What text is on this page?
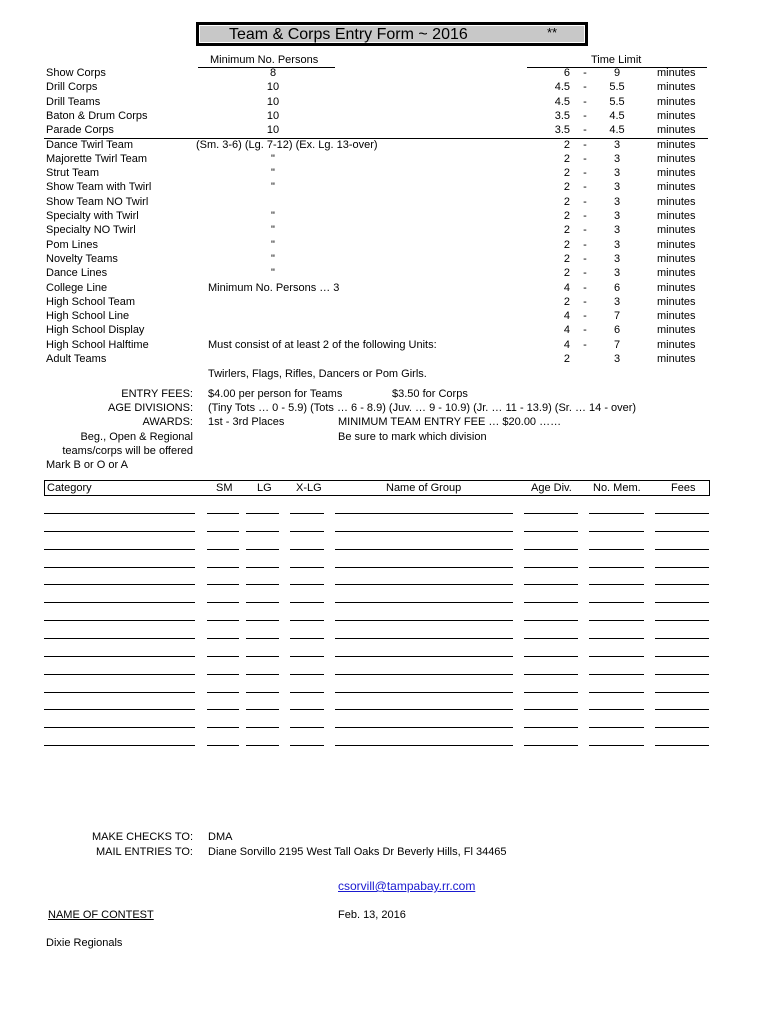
Team & Corps Entry Form ~ 2016	**
Minimum No. Persons	Time Limit
Show Corps	8	6 -	9	minutes
Drill Corps	10	4.5 -	5.5	minutes
Drill Teams	10	4.5 -	5.5	minutes
Baton & Drum Corps	10	3.5 -	4.5	minutes
Parade Corps	10	3.5 -	4.5	minutes
Dance Twirl Team	(Sm. 3-6) (Lg. 7-12) (Ex. Lg. 13-over)	2 -	3	minutes
Majorette Twirl Team	"	2 -	3	minutes
Strut Team	"	2 -	3	minutes
Show Team with Twirl	"	2 -	3	minutes
Show Team NO Twirl	2 -	3	minutes
Specialty with Twirl	"	2 -	3	minutes
Specialty NO Twirl	"	2 -	3	minutes
Pom Lines	"	2 -	3	minutes
Novelty Teams	"	2 -	3	minutes
Dance Lines	"	2 -	3	minutes
College Line	Minimum No. Persons … 3	4 -	6	minutes
High School Team	2 -	3	minutes
High School Line	4 -	7	minutes
High School Display	4 -	6	minutes
High School Halftime	Must consist of at least 2 of the following Units:	4 -	7	minutes
Adult Teams	2	3	minutes
Twirlers, Flags, Rifles, Dancers or Pom Girls.
ENTRY FEES: $4.00 per person for Teams	$3.50 for Corps
AGE DIVISIONS: (Tiny Tots … 0 - 5.9) (Tots … 6 - 8.9) (Juv. … 9 - 10.9) (Jr. … 11 - 13.9) (Sr. … 14 - over)
AWARDS: 1st - 3rd Places	MINIMUM TEAM ENTRY FEE … $20.00 ……
Beg., Open & Regional	Be sure to mark which division
teams/corps will be offered
Mark B or O or A
Category	SM LG X-LG	Name of Group	Age Div. No. Mem.	Fees
MAKE CHECKS TO: DMA
MAIL ENTRIES TO: Diane Sorvillo 2195 West Tall Oaks Dr Beverly Hills, Fl 34465
csorvill@tampabay.rr.com
NAME OF CONTEST	Feb. 13, 2016
Dixie Regionals
